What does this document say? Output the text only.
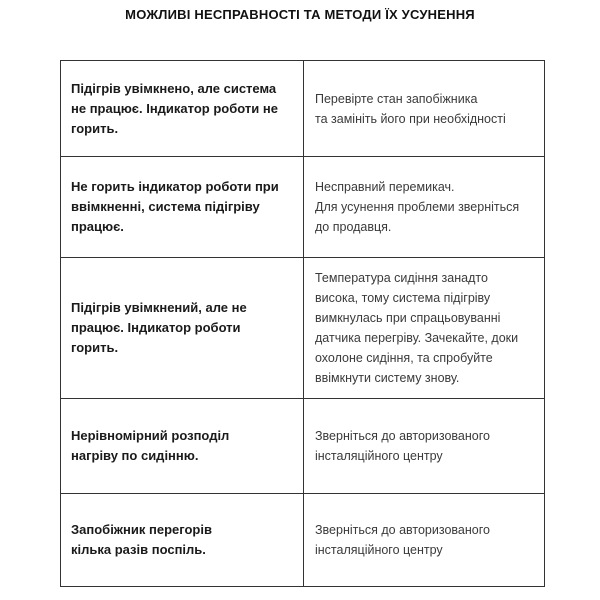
МОЖЛИВІ НЕСПРАВНОСТІ ТА МЕТОДИ ЇХ УСУНЕННЯ
Підігрів увімкнено, але система
не працює. Індикатор роботи не
горить.
Перевірте стан запобіжника
та замініть його при необхідності
Не горить індикатор роботи при
ввімкненні, система підігріву
працює.
Несправний перемикач.
Для усунення проблеми зверніться
до продавця.
Підігрів увімкнений, але не
працює. Індикатор роботи
горить.
Температура сидіння занадто
висока, тому система підігріву
вимкнулась при спрацьовуванні
датчика перегріву. Зачекайте, доки
охолоне сидіння, та спробуйте
ввімкнути систему знову.
Нерівномірний розподіл
нагріву по сидінню.
Зверніться до авторизованого
інсталяційного центру
Запобіжник перегорів
кілька разів поспіль.
Зверніться до авторизованого
інсталяційного центру
